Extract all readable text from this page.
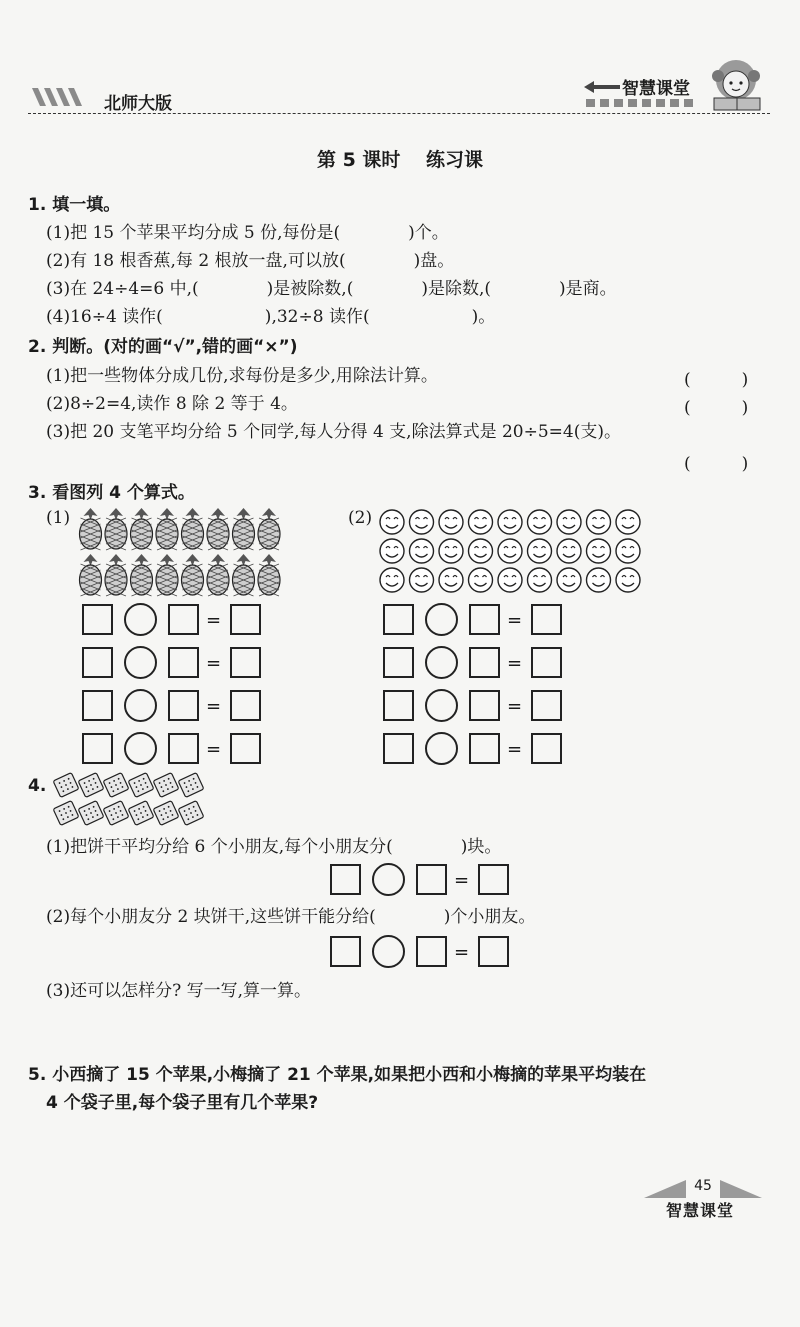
北师大版
智慧课堂
第 5 课时　 练习课
1. 填一填。
(1)把 15 个苹果平均分成 5 份,每份是(　　　　)个。
(2)有 18 根香蕉,每 2 根放一盘,可以放(　　　　)盘。
(3)在 24÷4=6 中,(　　　　)是被除数,(　　　　)是除数,(　　　　)是商。
(4)16÷4 读作(　　　　　　),32÷8 读作(　　　　　　)。
2. 判断。(对的画“√”,错的画“×”)
(1)把一些物体分成几份,求每份是多少,用除法计算。	(　　　)
(2)8÷2=4,读作 8 除 2 等于 4。	(　　　)
(3)把 20 支笔平均分给 5 个同学,每人分得 4 支,除法算式是 20÷5=4(支)。
(　　　)
3. 看图列 4 个算式。
(1)	(2)
=
=
=
=
=
=
=
=
4.
(1)把饼干平均分给 6 个小朋友,每个小朋友分(　　　　)块。
=
(2)每个小朋友分 2 块饼干,这些饼干能分给(　　　　)个小朋友。
=
(3)还可以怎样分? 写一写,算一算。
5. 小西摘了 15 个苹果,小梅摘了 21 个苹果,如果把小西和小梅摘的苹果平均装在
4 个袋子里,每个袋子里有几个苹果?
45
智慧课堂
